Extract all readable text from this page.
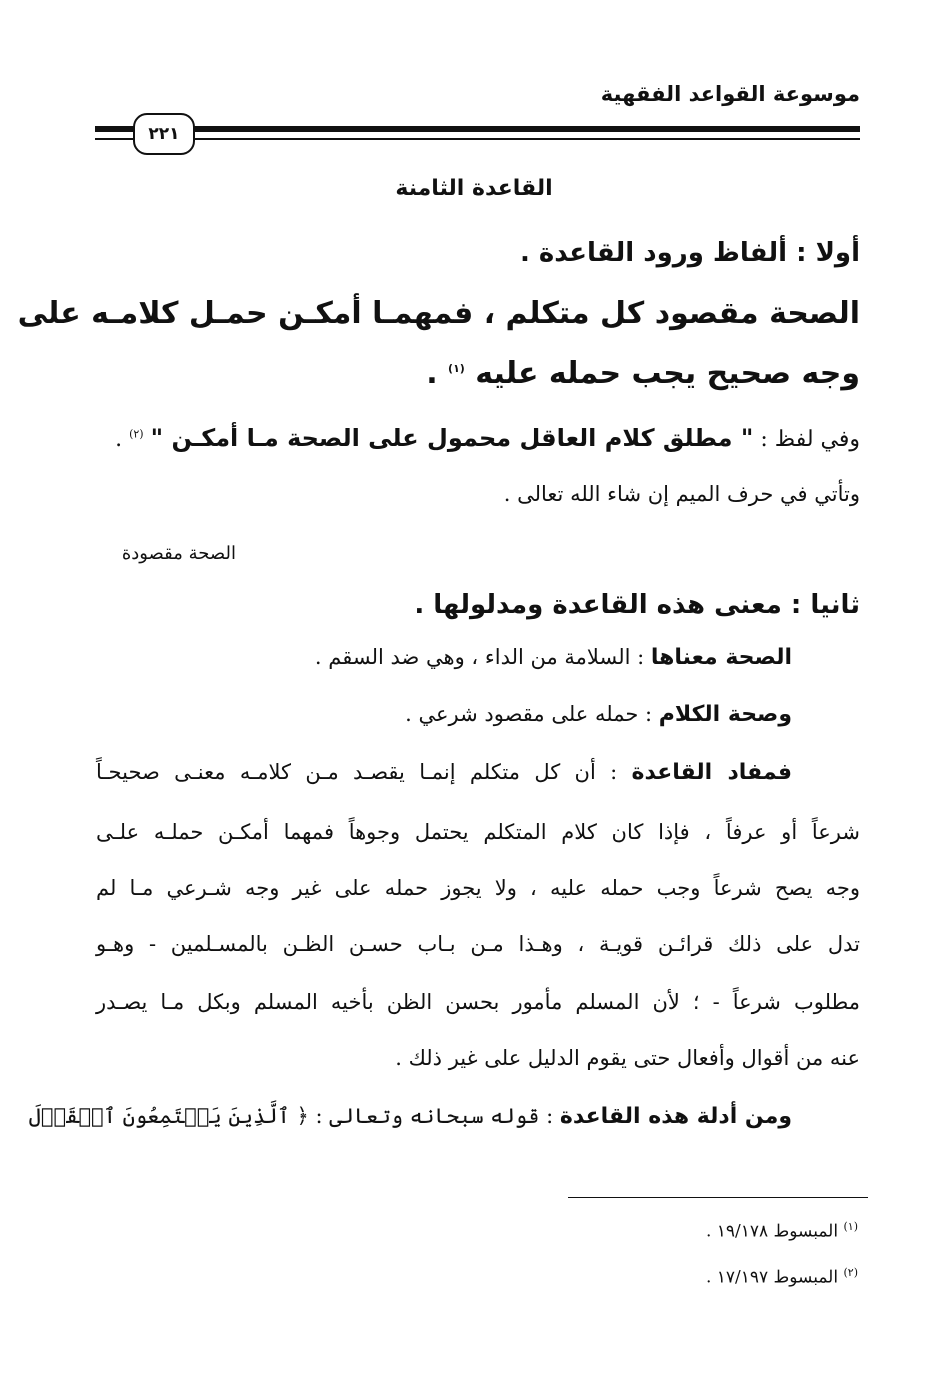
موسوعة القواعد الفقهية
٢٢١
القاعدة الثامنة
أولا : ألفاظ ورود القاعدة .
الصحة مقصود كل متكلم ، فمهمـا أمكـن حمـل كلامـه على
وجه صحيح يجب حمله عليه $^{(١)}$ .
وفي لفظ : " مطلق كلام العاقل محمول على الصحة مـا أمكـن " $^{(٢)}$ .
وتأتي في حرف الميم إن شاء الله تعالى .
الصحة مقصودة
ثانيا : معنى هذه القاعدة ومدلولها .
الصحة معناها : السلامة من الداء ، وهي ضد السقم .
وصحة الكلام : حمله على مقصود شرعي .
فمفاد القاعدة : أن كل متكلم إنمـا يقصـد مـن كلامـه معنـى صحيحـاً
شرعاً أو عرفاً ، فإذا كان كلام المتكلم يحتمل وجوهاً فمهما أمكـن حملـه علـى
وجه يصح شرعاً وجب حمله عليه ، ولا يجوز حمله على غير وجه شـرعي مـا لم
تدل على ذلك قرائـن قويـة ، وهـذا مـن بـاب حسـن الظـن بالمسـلمين - وهـو
مطلوب شرعاً - ؛ لأن المسلم مأمور بحسن الظن بأخيه المسلم وبكل مـا يصـدر
عنه من أقوال وأفعال حتى يقوم الدليل على غير ذلك .
ومن أدلة هذه القاعدة : قوله سبحانه وتعالى : ﴿ ٱلَّذِينَ يَسۡتَمِعُونَ ٱلۡقَوۡلَ
$^{(١)}$ المبسوط ١٩/١٧٨ .
$^{(٢)}$ المبسوط ١٧/١٩٧ .
